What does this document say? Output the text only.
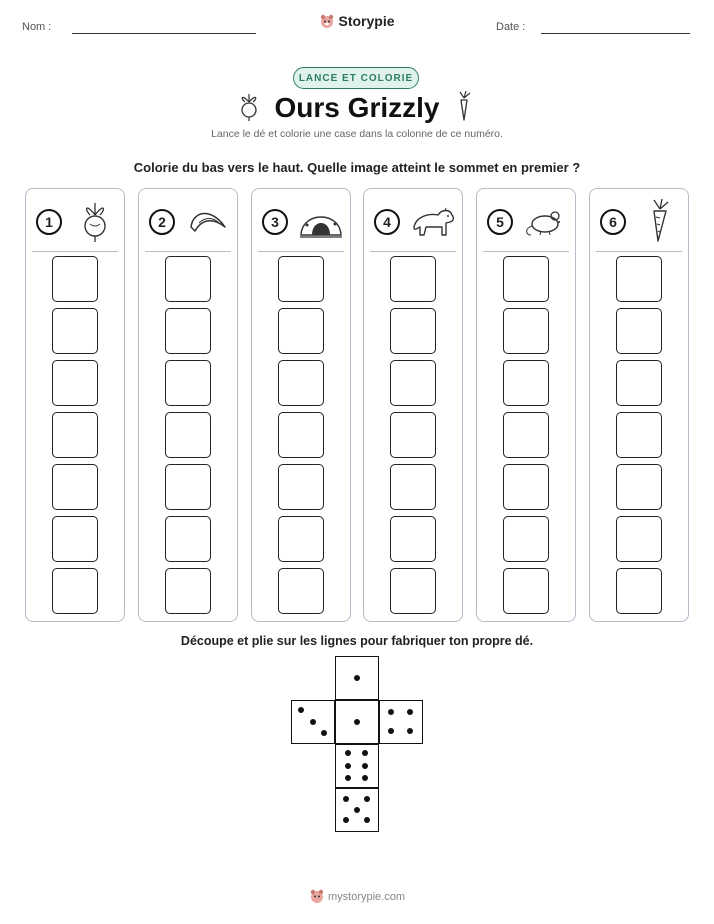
Nom :	Storypie	Date :
LANCE ET COLORIE
Ours Grizzly
Lance le dé et colorie une case dans la colonne de ce numéro.
Colorie du bas vers le haut. Quelle image atteint le sommet en premier ?
1	2	3	4	5	6
Découpe et plie sur les lignes pour fabriquer ton propre dé.
mystorypie.com
